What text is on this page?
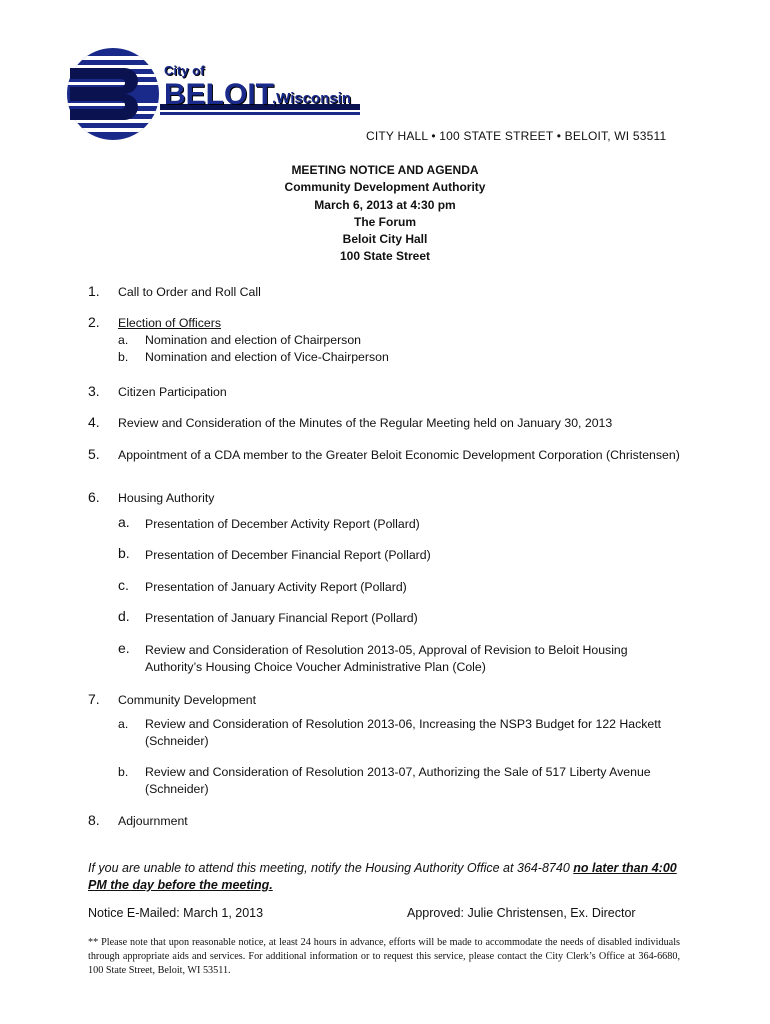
City of
BELOIT
,Wisconsin
CITY HALL • 100 STATE STREET • BELOIT, WI 53511
MEETING NOTICE AND AGENDA
Community Development Authority
March 6, 2013 at 4:30 pm
The Forum
Beloit City Hall
100 State Street
1. Call to Order and Roll Call
2. Election of Officers
a. Nomination and election of Chairperson
b. Nomination and election of Vice-Chairperson
3. Citizen Participation
4. Review and Consideration of the Minutes of the Regular Meeting held on January 30, 2013
5. Appointment of a CDA member to the Greater Beloit Economic Development Corporation (Christensen)
6. Housing Authority
a. Presentation of December Activity Report (Pollard)
b. Presentation of December Financial Report (Pollard)
c. Presentation of January Activity Report (Pollard)
d. Presentation of January Financial Report (Pollard)
e. Review and Consideration of Resolution 2013-05, Approval of Revision to Beloit Housing Authority’s Housing Choice Voucher Administrative Plan (Cole)
7. Community Development
a. Review and Consideration of Resolution 2013-06, Increasing the NSP3 Budget for 122 Hackett (Schneider)
b. Review and Consideration of Resolution 2013-07, Authorizing the Sale of 517 Liberty Avenue (Schneider)
8. Adjournment
If you are unable to attend this meeting, notify the Housing Authority Office at 364-8740 no later than 4:00 PM the day before the meeting.
Notice E-Mailed: March 1, 2013	Approved: Julie Christensen, Ex. Director
** Please note that upon reasonable notice, at least 24 hours in advance, efforts will be made to accommodate the needs of disabled individuals through appropriate aids and services. For additional information or to request this service, please contact the City Clerk’s Office at 364-6680, 100 State Street, Beloit, WI 53511.
